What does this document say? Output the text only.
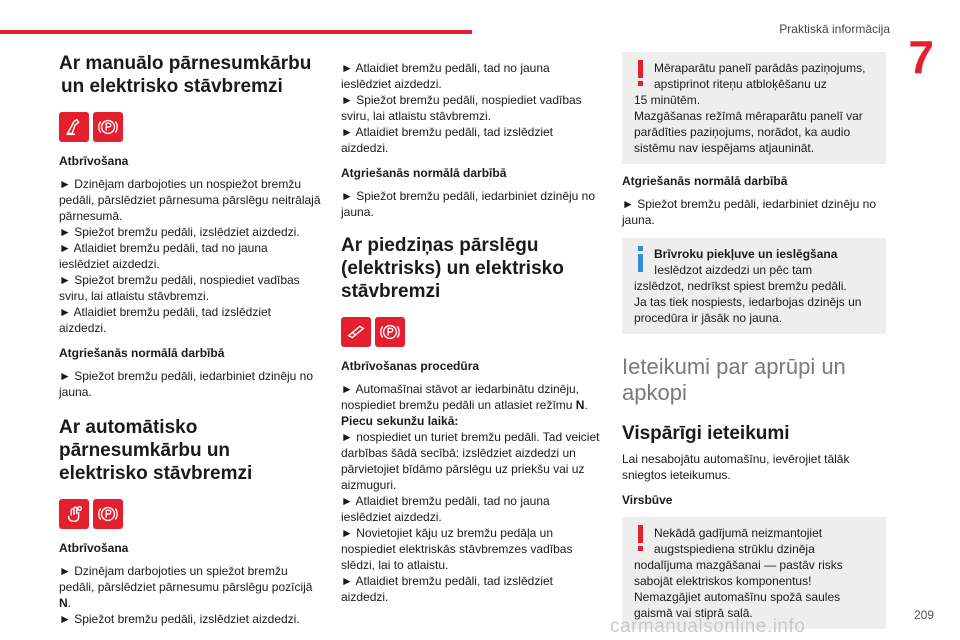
Praktiskā informācija
7
Ar manuālo pārnesumkārbu
un elektrisko stāvbremzi
Atbrīvošana
► Dzinējam darbojoties un nospiežot bremžu pedāli, pārslēdziet pārnesuma pārslēgu neitrālajā pārnesumā.
► Spiežot bremžu pedāli, izslēdziet aizdedzi.
► Atlaidiet bremžu pedāli, tad no jauna ieslēdziet aizdedzi.
► Spiežot bremžu pedāli, nospiediet vadības sviru, lai atlaistu stāvbremzi.
► Atlaidiet bremžu pedāli, tad izslēdziet aizdedzi.
Atgriešanās normālā darbībā
► Spiežot bremžu pedāli, iedarbiniet dzinēju no jauna.
Ar automātisko
pārnesumkārbu un
elektrisko stāvbremzi
Atbrīvošana
► Dzinējam darbojoties un spiežot bremžu pedāli, pārslēdziet pārnesumu pārslēgu pozīcijā N.
► Spiežot bremžu pedāli, izslēdziet aizdedzi.
► Atlaidiet bremžu pedāli, tad no jauna ieslēdziet aizdedzi.
► Spiežot bremžu pedāli, nospiediet vadības sviru, lai atlaistu stāvbremzi.
► Atlaidiet bremžu pedāli, tad izslēdziet aizdedzi.
Atgriešanās normālā darbībā
► Spiežot bremžu pedāli, iedarbiniet dzinēju no jauna.
Ar piedziņas pārslēgu
(elektrisks) un elektrisko
stāvbremzi
Atbrīvošanas procedūra
► Automašīnai stāvot ar iedarbinātu dzinēju, nospiediet bremžu pedāli un atlasiet režīmu N.
Piecu sekunžu laikā:
► nospiediet un turiet bremžu pedāli. Tad veiciet darbības šādā secībā: izslēdziet aizdedzi un pārvietojiet bīdāmo pārslēgu uz priekšu vai uz aizmuguri.
► Atlaidiet bremžu pedāli, tad no jauna ieslēdziet aizdedzi.
► Novietojiet kāju uz bremžu pedāļa un nospiediet elektriskās stāvbremzes vadības slēdzi, lai to atlaistu.
► Atlaidiet bremžu pedāli, tad izslēdziet aizdedzi.
Mēraparātu panelī parādās paziņojums, apstiprinot riteņu atbloķēšanu uz
15 minūtēm.
Mazgāšanas režīmā mēraparātu panelī var parādīties paziņojums, norādot, ka audio sistēmu nav iespējams atjaunināt.
Atgriešanās normālā darbībā
► Spiežot bremžu pedāli, iedarbiniet dzinēju no jauna.
Brīvroku piekļuve un ieslēgšana
Ieslēdzot aizdedzi un pēc tam
izslēdzot, nedrīkst spiest bremžu pedāli.
Ja tas tiek nospiests, iedarbojas dzinējs un procedūra ir jāsāk no jauna.
Ieteikumi par aprūpi un
apkopi
Vispārīgi ieteikumi
Lai nesabojātu automašīnu, ievērojiet tālāk sniegtos ieteikumus.
Virsbūve
Nekādā gadījumā neizmantojiet augstspiediena strūklu dzinēja
nodalījuma mazgāšanai — pastāv risks sabojāt elektriskos komponentus!
Nemazgājiet automašīnu spožā saules gaismā vai stiprā salā.
carmanualsonline.info
209
